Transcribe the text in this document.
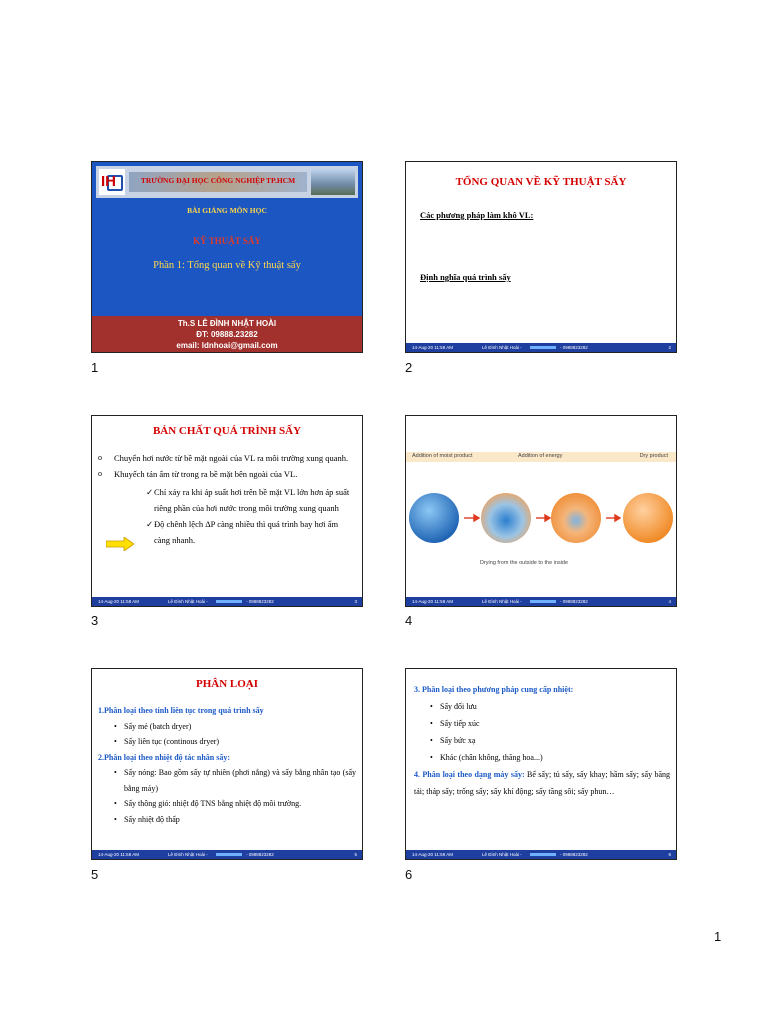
IH	TRƯỜNG ĐẠI HỌC CÔNG NGHIỆP TP.HCM
BÀI GIẢNG MÔN HỌC
KỸ THUẬT SẤY
Phần 1: Tổng quan về Kỹ thuật sấy
Th.S LÊ ĐÌNH NHẬT HOÀI
ĐT: 09888.23282
email: ldnhoai@gmail.com
1
TỔNG QUAN VỀ KỸ THUẬT SẤY
Các phương pháp làm khô VL:
Định nghĩa quá trình sấy
14-Aug-20 11:58 AM	Lê Đình Nhật Hoài -	- 0988823282	2
2
BẢN CHẤT QUÁ TRÌNH SẤY
o Chuyển hơi nước từ bề mặt ngoài của VL ra môi trường xung quanh.
o Khuyếch tán ẩm từ trong ra bề mặt bên ngoài của VL.
✓ Chỉ xảy ra khi áp suất hơi trên bề mặt VL lớn hơn áp suất riêng phần của hơi nước trong môi trường xung quanh
✓ Độ chênh lệch ΔP càng nhiều thì quá trình bay hơi ẩm càng nhanh.
14-Aug-20 11:58 AM	Lê Đình Nhật Hoài -	- 0988823282	3
3
Addition of moist product	Addition of energy	Dry product
Drying from the outside to the inside
14-Aug-20 11:58 AM	Lê Đình Nhật Hoài -	- 0988823282	4
4
PHÂN LOẠI
1.Phân loại theo tính liên tục trong quá trình sấy
• Sấy mẻ (batch dryer)
• Sấy liên tục (continous dryer)
2.Phân loại theo nhiệt độ tác nhân sấy:
• Sấy nóng: Bao gồm sấy tự nhiên (phơi nắng) và sấy bằng nhân tạo (sấy bằng máy)
• Sấy thông gió: nhiệt độ TNS bằng nhiệt độ môi trường.
• Sấy nhiệt độ thấp
14-Aug-20 11:58 AM	Lê Đình Nhật Hoài -	- 0988823282	5
5
3. Phân loại theo phương pháp cung cấp nhiệt:
• Sấy đối lưu
• Sấy tiếp xúc
• Sấy bức xạ
• Khác (chân không, thăng hoa...)
4. Phân loại theo dạng máy sấy: Bể sấy; tủ sấy, sấy khay; hầm sấy; sấy băng tải; tháp sấy; trống sấy; sấy khí động; sấy tầng sôi; sấy phun…
14-Aug-20 11:58 AM	Lê Đình Nhật Hoài -	- 0988823282	6
6
1
